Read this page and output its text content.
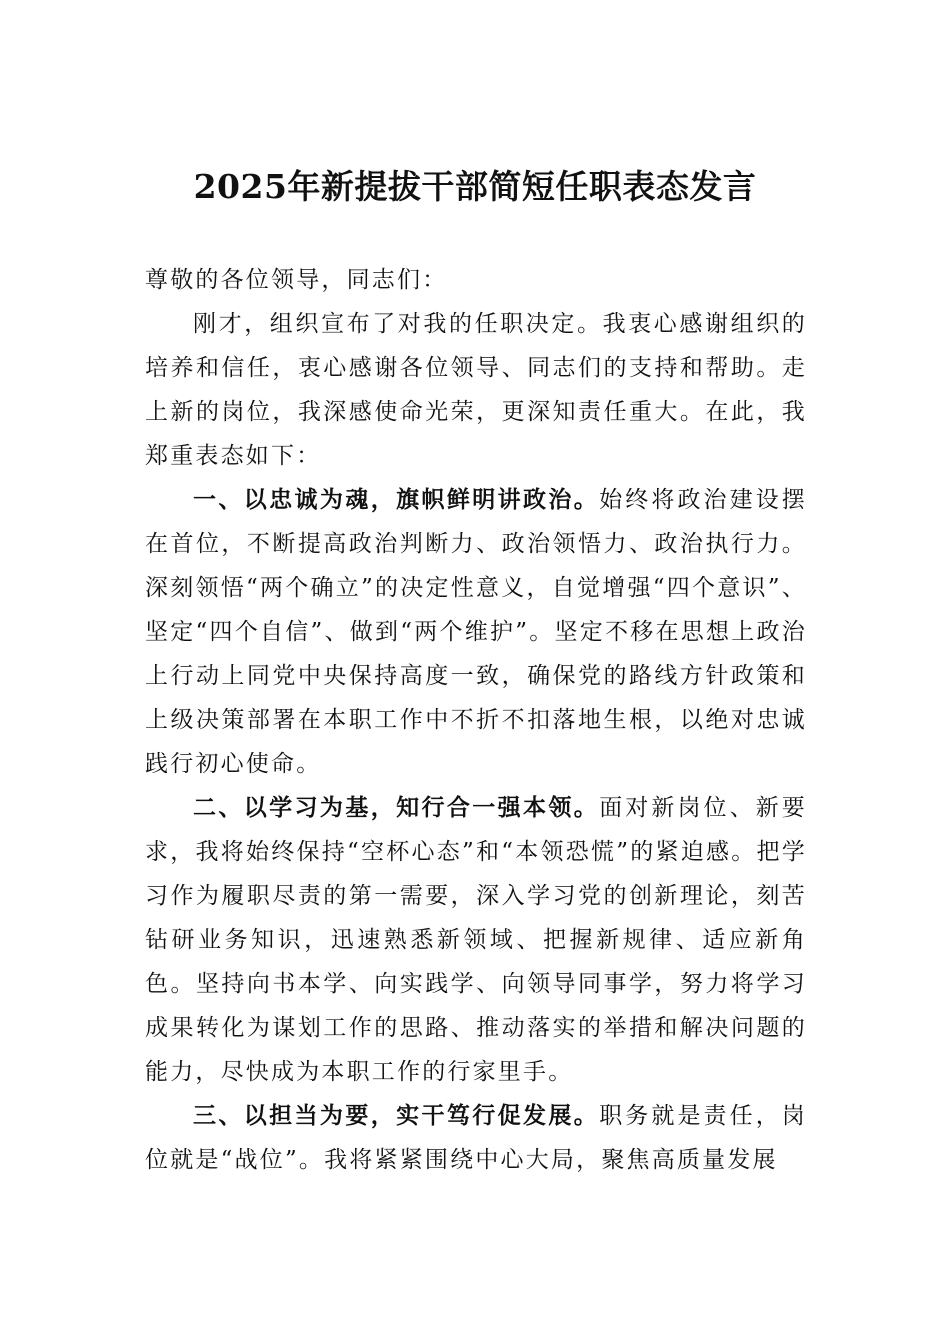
2025年新提拔干部简短任职表态发言

尊敬的各位领导，同志们：

刚才，组织宣布了对我的任职决定。我衷心感谢组织的培养和信任，衷心感谢各位领导、同志们的支持和帮助。走上新的岗位，我深感使命光荣，更深知责任重大。在此，我郑重表态如下：

一、以忠诚为魂，旗帜鲜明讲政治。始终将政治建设摆在首位，不断提高政治判断力、政治领悟力、政治执行力。深刻领悟“两个确立”的决定性意义，自觉增强“四个意识”、坚定“四个自信”、做到“两个维护”。坚定不移在思想上政治上行动上同党中央保持高度一致，确保党的路线方针政策和上级决策部署在本职工作中不折不扣落地生根，以绝对忠诚践行初心使命。

二、以学习为基，知行合一强本领。面对新岗位、新要求，我将始终保持“空杯心态”和“本领恐慌”的紧迫感。把学习作为履职尽责的第一需要，深入学习党的创新理论，刻苦钻研业务知识，迅速熟悉新领域、把握新规律、适应新角色。坚持向书本学、向实践学、向领导同事学，努力将学习成果转化为谋划工作的思路、推动落实的举措和解决问题的能力，尽快成为本职工作的行家里手。

三、以担当为要，实干笃行促发展。职务就是责任，岗位就是“战位”。我将紧紧围绕中心大局，聚焦高质量发展
